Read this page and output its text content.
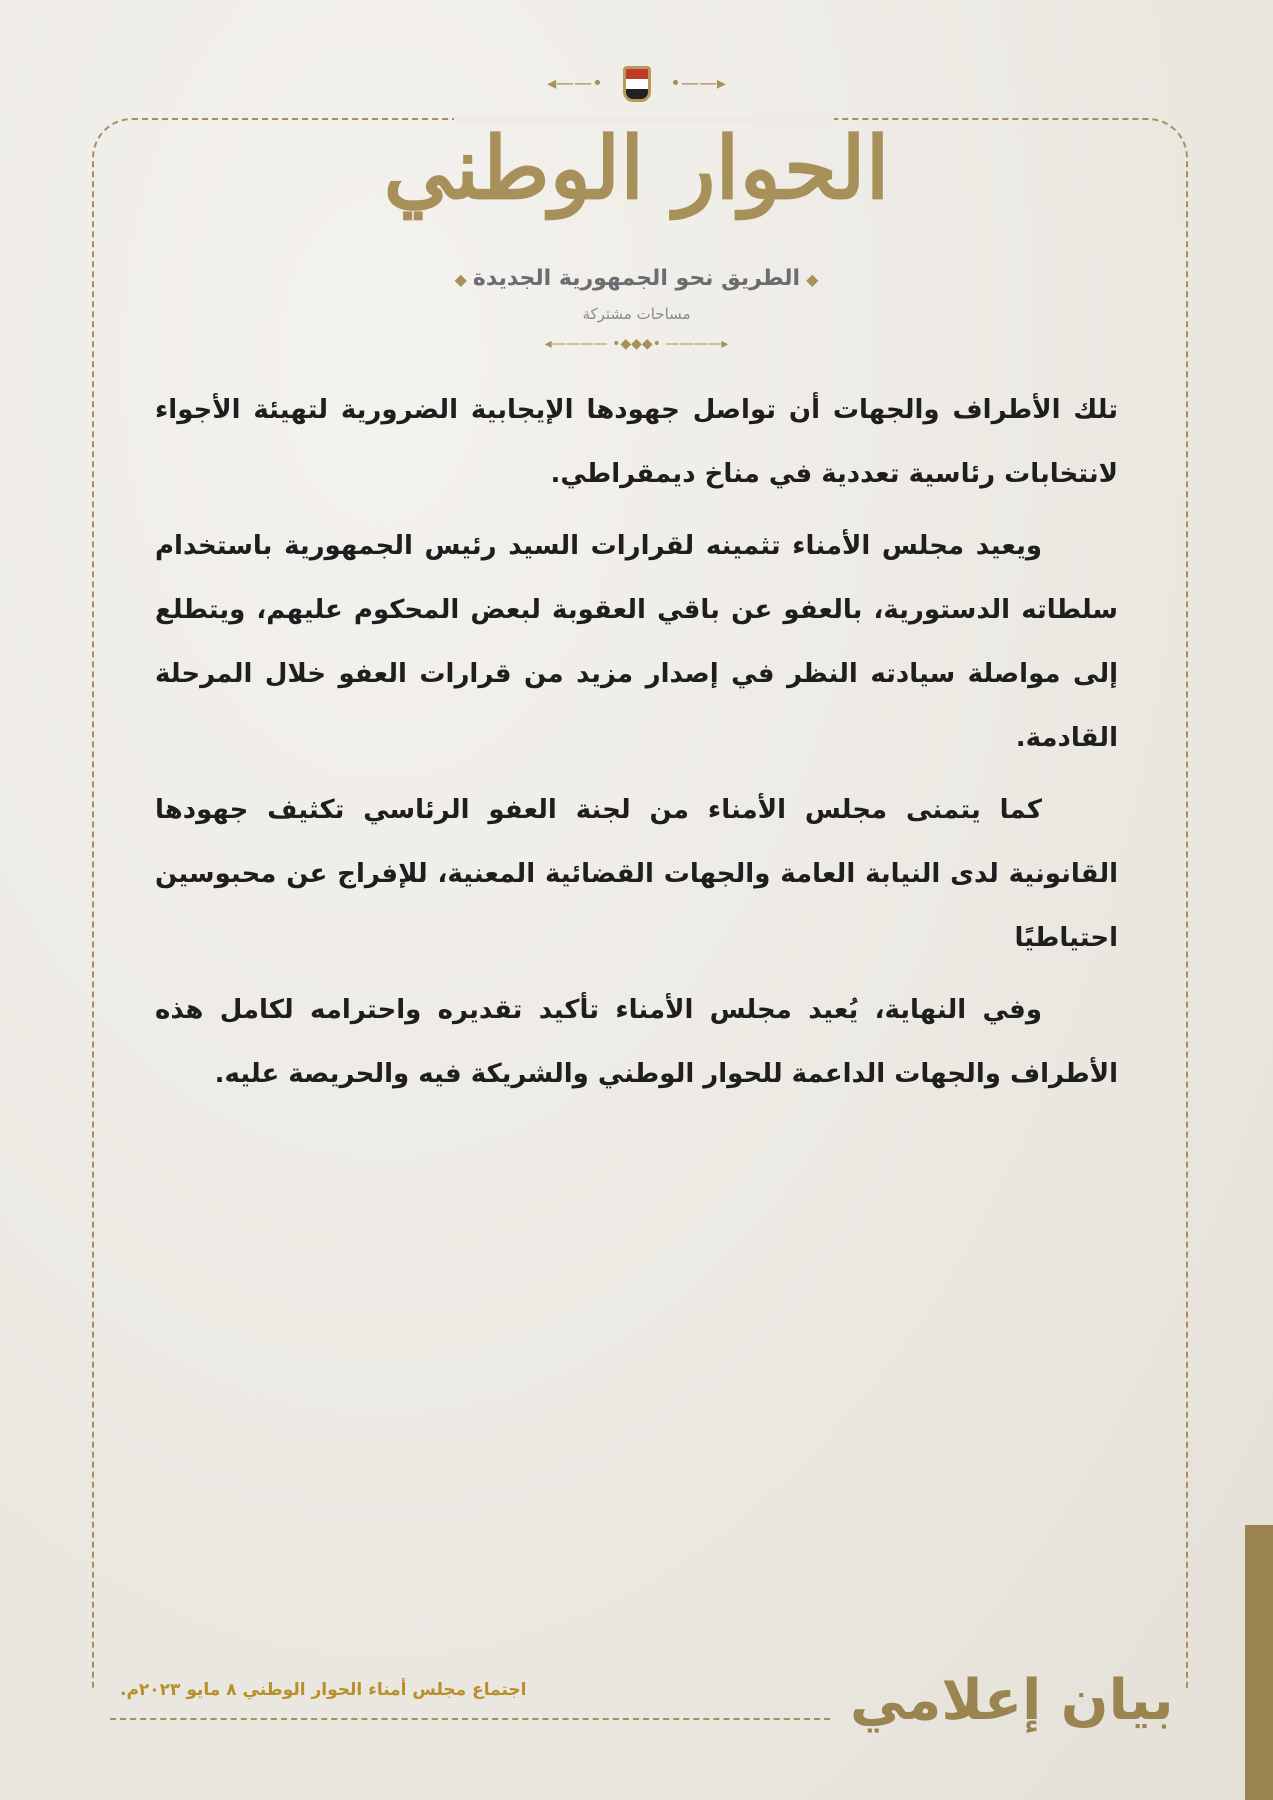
◂——•	•——▸
الحوار الوطني
◆الطريق نحو الجمهورية الجديدة◆
مساحات مشتركة
◂———— •◆◆◆• ————▸

تلك الأطراف والجهات أن تواصل جهودها الإيجابية الضرورية لتهيئة الأجواء لانتخابات رئاسية تعددية في مناخ ديمقراطي.

ويعيد مجلس الأمناء تثمينه لقرارات السيد رئيس الجمهورية باستخدام سلطاته الدستورية، بالعفو عن باقي العقوبة لبعض المحكوم عليهم، ويتطلع إلى مواصلة سيادته النظر في إصدار مزيد من قرارات العفو خلال المرحلة القادمة.

كما يتمنى مجلس الأمناء من لجنة العفو الرئاسي تكثيف جهودها القانونية لدى النيابة العامة والجهات القضائية المعنية، للإفراج عن محبوسين احتياطيًا

وفي النهاية، يُعيد مجلس الأمناء تأكيد تقديره واحترامه لكامل هذه الأطراف والجهات الداعمة للحوار الوطني والشريكة فيه والحريصة عليه.

اجتماع مجلس أمناء الحوار الوطني ٨ مايو ٢٠٢٣م.	بيان إعلامي
